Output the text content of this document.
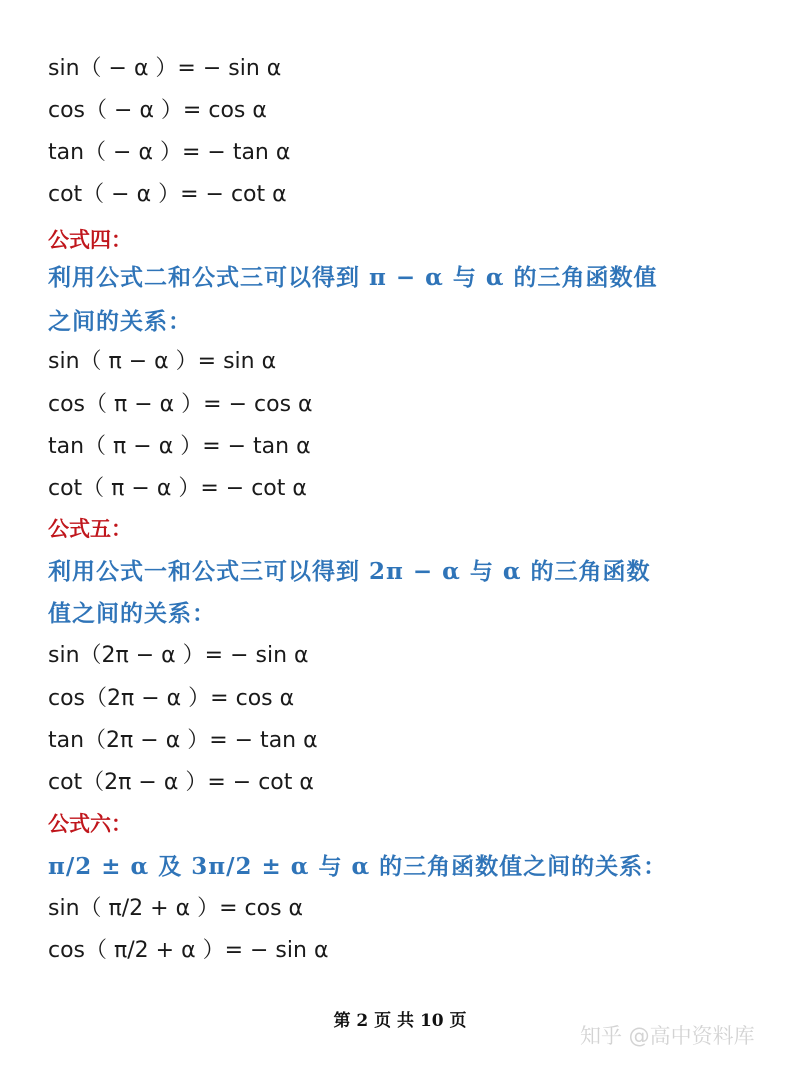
sin（ − α ）= − sin α
cos（ − α ）= cos α
tan（ − α ）= − tan α
cot（ − α ）= − cot α
公式四：
利用公式二和公式三可以得到 π − α 与 α 的三角函数值
之间的关系：
sin（ π − α ）= sin α
cos（ π − α ）= − cos α
tan（ π − α ）= − tan α
cot（ π − α ）= − cot α
公式五：
利用公式一和公式三可以得到 2π − α 与 α 的三角函数
值之间的关系：
sin（2π − α ）= − sin α
cos（2π − α ）= cos α
tan（2π − α ）= − tan α
cot（2π − α ）= − cot α
公式六：
π/2 ± α 及 3π/2 ± α 与 α 的三角函数值之间的关系：
sin（ π/2 + α ）= cos α
cos（ π/2 + α ）= − sin α
第 2 页 共 10 页
知乎 @高中资料库
